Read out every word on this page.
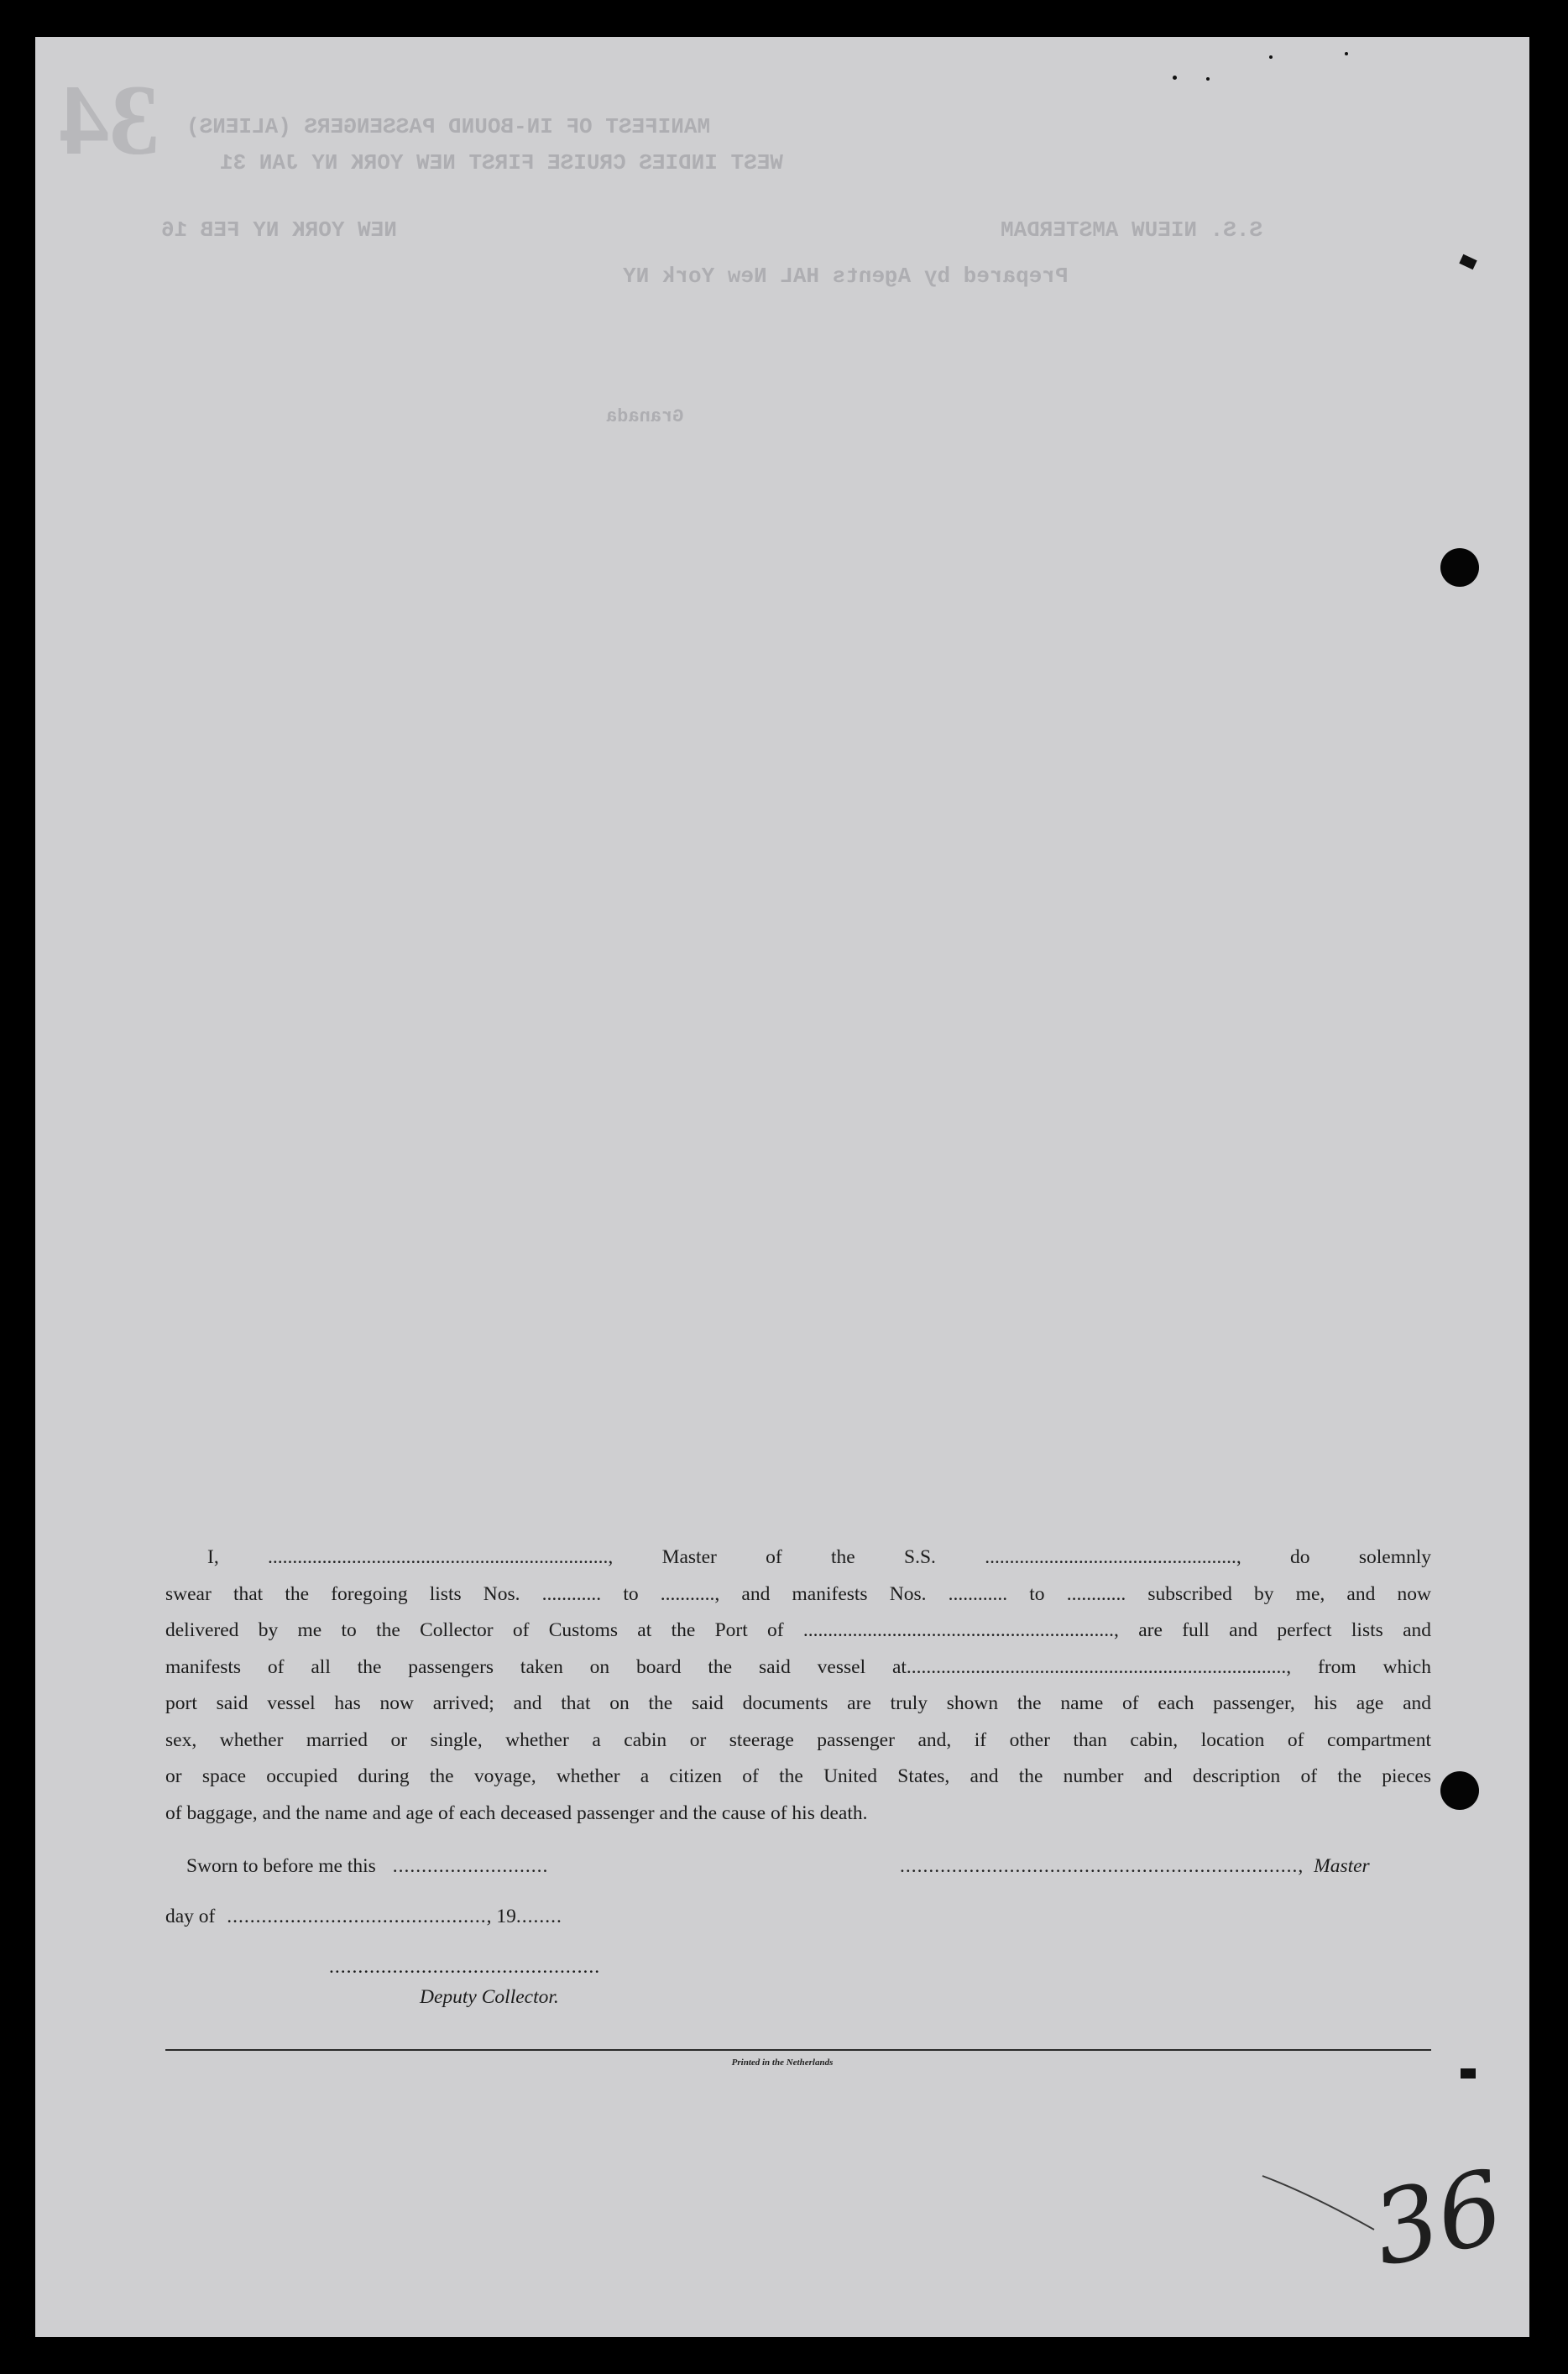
34 MANIFEST OF IN-BOUND PASSENGERS (ALIENS)
WEST INDIES CRUISE FIRST NEW YORK NY JAN 31
NEW YORK NY FEB 16	S.S. NIEUW AMSTERDAM
Prepared by Agents HAL New York NY
Granada
I, ....................................................................., Master of the S.S. ..................................................., do solemnly
swear that the foregoing lists Nos. ............ to ..........., and manifests Nos. ............ to ............ subscribed by me, and now
delivered by me to the Collector of Customs at the Port of ..............................................................., are full and perfect lists and
manifests of all the passengers taken on board the said vessel at............................................................................., from which
port said vessel has now arrived; and that on the said documents are truly shown the name of each passenger, his age and
sex, whether married or single, whether a cabin or steerage passenger and, if other than cabin, location of compartment
or space occupied during the voyage, whether a citizen of the United States, and the number and description of the pieces
of baggage, and the name and age of each deceased passenger and the cause of his death.
Sworn to before me this ...........................	....................................................................., Master
day of ............................................., 19........
...............................................
Deputy Collector.
Printed in the Netherlands
36
